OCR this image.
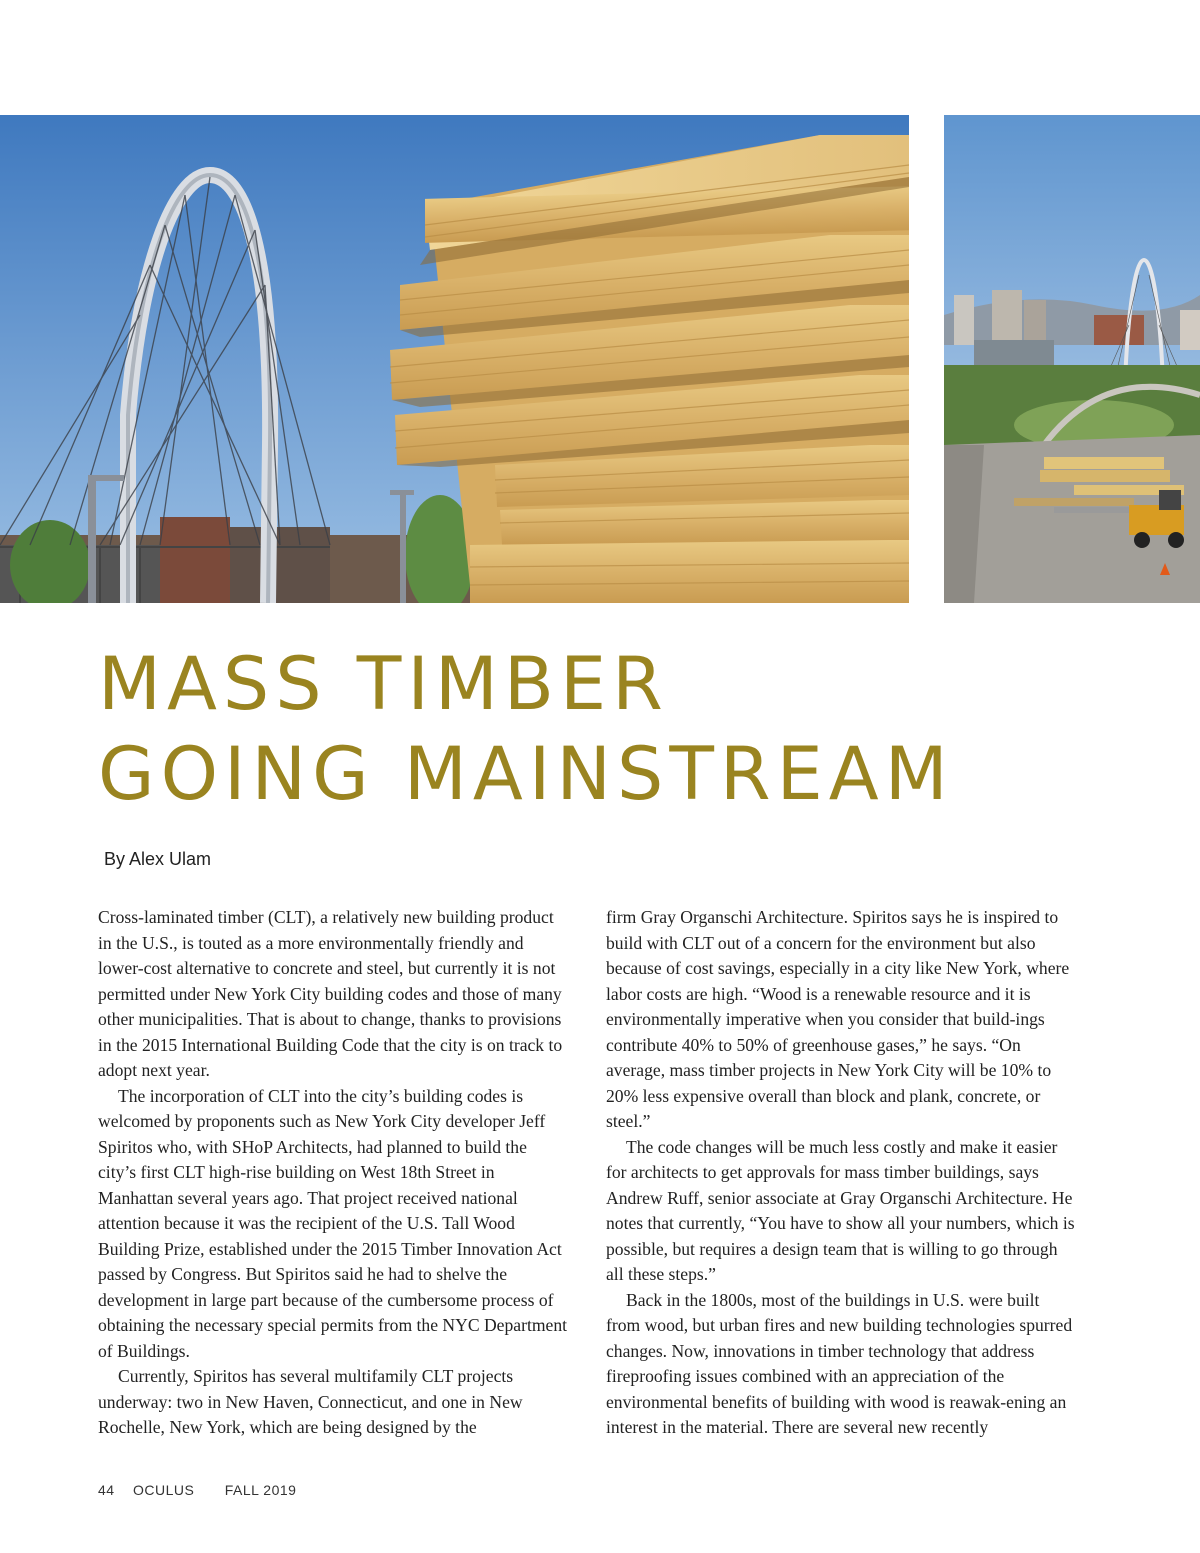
MASS TIMBER
GOING MAINSTREAM
By Alex Ulam

Cross-laminated timber (CLT), a relatively new building product in the U.S., is touted as a more environmentally friendly and lower-cost alternative to concrete and steel, but currently it is not permitted under New York City building codes and those of many other municipalities. That is about to change, thanks to provisions in the 2015 International Building Code that the city is on track to adopt next year.

The incorporation of CLT into the city’s building codes is welcomed by proponents such as New York City developer Jeff Spiritos who, with SHoP Architects, had planned to build the city’s first CLT high-rise building on West 18th Street in Manhattan several years ago. That project received national attention because it was the recipient of the U.S. Tall Wood Building Prize, established under the 2015 Timber Innovation Act passed by Congress. But Spiritos said he had to shelve the development in large part because of the cumbersome process of obtaining the necessary special permits from the NYC Department of Buildings.

Currently, Spiritos has several multifamily CLT projects underway: two in New Haven, Connecticut, and one in New Rochelle, New York, which are being designed by the

firm Gray Organschi Architecture. Spiritos says he is inspired to build with CLT out of a concern for the environment but also because of cost savings, especially in a city like New York, where labor costs are high. “Wood is a renewable resource and it is environmentally imperative when you consider that build-ings contribute 40% to 50% of greenhouse gases,” he says. “On average, mass timber projects in New York City will be 10% to 20% less expensive overall than block and plank, concrete, or steel.”

The code changes will be much less costly and make it easier for architects to get approvals for mass timber buildings, says Andrew Ruff, senior associate at Gray Organschi Architecture. He notes that currently, “You have to show all your numbers, which is possible, but requires a design team that is willing to go through all these steps.”

Back in the 1800s, most of the buildings in U.S. were built from wood, but urban fires and new building technologies spurred changes. Now, innovations in timber technology that address fireproofing issues combined with an appreciation of the environmental benefits of building with wood is reawak-ening an interest in the material. There are several new recently

44 OCULUS FALL 2019
